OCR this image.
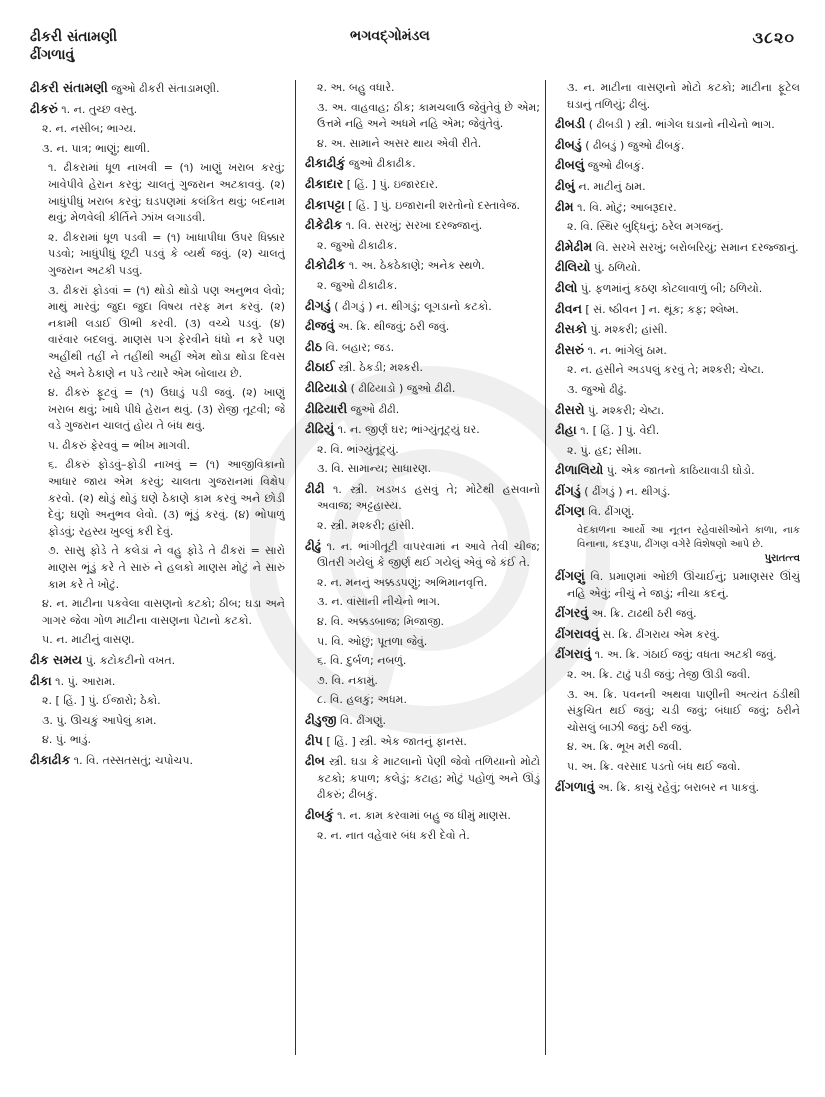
ઢીકરી સંતામણી
ઢીંગળાવું
ભગવદ્ગોમંડલ	૩૮૨૦
ઢીકરી સંતામણી જુઓ ઢીકરી સંતાડામણી.
ઢીકરું ૧. ન. તુચ્છ વસ્તુ.
૨. ન. નસીબ; ભાગ્ય.
૩. ન. પાત્ર; ભાણું; થાળી.
૧. ઢીકરામાં ધૂળ નાખવી = (૧) ખાણું ખરાબ કરવું; ખાવેપીવે હેરાન કરવું; ચાલતું ગુજરાન અટકાવવું. (૨) ખાધુંપીધું ખરાબ કરવું; ઘડપણમાં કલંકિત થવું; બદનામ થવું; મેળવેલી કીર્તિને ઝાંખ લગાડવી.
૨. ઢીકરામાં ધૂળ પડવી = (૧) ખાધાપીધા ઉપર ધિક્કાર પડવો; ખાધુંપીધું છૂટી પડવું કે વ્યર્થ જવું. (૨) ચાલતું ગુજરાન અટકી પડવું.
૩. ઢીકરાં ફોડવાં = (૧) થોડો થોડો પણ અનુભવ લેવો; માથું મારવું; જુદા જુદા વિષય તરફ મન કરવું. (૨) નકામી લડાઈ ઊભી કરવી. (૩) વચ્ચે પડવું. (૪) વારંવાર બદલવું. માણસ પગ ફેરવીને ધંધો ન કરે પણ અહીંથી તહીં ને તહીંથી અહીં એમ થોડા થોડા દિવસ રહે અને ઠેકાણે ન પડે ત્યારે એમ બોલાય છે.
૪. ઢીકરું ફૂટવું = (૧) ઉઘાડું પડી જવું. (૨) ખાણું ખરાબ થવું; ખાધે પીધે હેરાન થવું. (૩) રોજી તૂટવી; જે વડે ગુજરાન ચાલતું હોય તે બંધ થવું.
૫. ઢીકરું ફેરવવું = ભીખ માગવી.
૬. ઢીકરું ફોડવું–ફોડી નાખવું = (૧) આજીવિકાનો આધાર જાય એમ કરવું; ચાલતા ગુજરાનમાં વિક્ષેપ કરવો. (૨) થોડું થોડું ઘણે ઠેકાણે કામ કરવું અને છોડી દેવું; ઘણો અનુભવ લેવો. (૩) ભૂંડું કરવું. (૪) ભોપાળું ફોડવું; રહસ્ય ખુલ્લું કરી દેવું.
૭. સાસુ ફોડે તે કલેડાં ને વહુ ફોડે તે ઢીકરાં = સારો માણસ ભૂંડું કરે તે સારું ને હલકો માણસ મોટું ને સારું કામ કરે તે ખોટું.
૪. ન. માટીના પકવેલા વાસણનો કટકો; ઠીબ; ઘડા અને ગાગર જેવા ગોળ માટીના વાસણના પેટાનો કટકો.
૫. ન. માટીનું વાસણ.
ઢીક સમય પું. કટોકટીનો વખત.
ઢીકા ૧. પું. આરામ.
૨. [ હિં. ] પું. ઈજારો; ઠેકો.
૩. પું. ઊચકું આપેલું કામ.
૪. પું. ભાડું.
ઢીકાઢીક ૧. વિ. તસ્સતસતું; ચપોચપ.
૨. અ. બહુ વધારે.
૩. અ. વાહવાહ; ઠીક; કામચલાઉ જેવુંતેવું છે એમ; ઉત્તમે નહિ અને અધમે નહિ એમ; જેવુંતેવું.
૪. અ. સામાને અસર થાય એવી રીતે.
ઢીકાઢીકું જુઓ ઢીકાઢીક.
ઢીકાદાર [ હિં. ] પું. ઇજારદાર.
ઢીકાપટ્ટા [ હિં. ] પું. ઇજારાની શરતોનો દસ્તાવેજ.
ઢીકેઢીક ૧. વિ. સરખું; સરખા દરજ્જાનું.
૨. જુઓ ઢીકાઢીક.
ઢીકોઢીક ૧. અ. ઠેકઠેકાણે; અનેક સ્થળે.
૨. જુઓ ઢીકાઢીક.
ઢીગડું ( ઢીગડું ) ન. થીગડું; લૂગડાનો કટકો.
ઢીજવું અ. ક્રિ. થીજવું; ઠરી જવું.
ઢીઠ વિ. બહાર; જડ.
ઢીઠાઈ સ્ત્રી. ઠેકડી; મશ્કરી.
ઢીઢિયાડો ( ઢીઢિયાડો ) જુઓ ઢીઢી.
ઢીઢિયારી જુઓ ઢીઢી.
ઢીઢિયું ૧. ન. જીર્ણ ઘર; ભાંગ્યુંતૂટ્યું ઘર.
૨. વિ. ભાંગ્યુંતૂટ્યું.
૩. વિ. સામાન્ય; સાધારણ.
ઢીઢી ૧. સ્ત્રી. ખડખડ હસવું તે; મોટેથી હસવાનો અવાજ; અટ્ટહાસ્ય.
૨. સ્ત્રી. મશ્કરી; હાંસી.
ઢીઢું ૧. ન. ભાંગીતૂટી વાપરવામાં ન આવે તેવી ચીજ; ઊતરી ગયેલું કે જીર્ણ થઈ ગયેલું એવું જે કંઈ તે.
૨. ન. મનનું અક્કડપણું; અભિમાનવૃત્તિ.
૩. ન. વાંસાની નીચેનો ભાગ.
૪. વિ. અક્કડબાજ; મિજાજી.
૫. વિ. ઓછું; પૂતળા જેવું.
૬. વિ. દુર્બળ; નબળું.
૭. વિ. નકામું.
૮. વિ. હલકું; અધમ.
ઢીડુજી વિ. ઢીંગણું.
ઢીપ [ હિં. ] સ્ત્રી. એક જાતનું ફાનસ.
ઢીબ સ્ત્રી. ઘડા કે માટલાનો પેણી જેવો તળિયાનો મોટો કટકો; કપાળ; કલેડું; કટાહ; મોટું પહોળું અને ઊંડું ઢીકરું; ઢીબકું.
ઢીબકું ૧. ન. કામ કરવામાં બહુ જ ધીમું માણસ.
૨. ન. નાત વહેવાર બંધ કરી દેવો તે.
૩. ન. માટીના વાસણનો મોટો કટકો; માટીના ફૂટેલ ઘડાનું તળિયું; ઢીબું.
ઢીબડી ( ઢીબડી ) સ્ત્રી. ભાંગેલ ઘડાનો નીચેનો ભાગ.
ઢીબડું ( ઢીબડું ) જુઓ ઢીબકું.
ઢીબલું જુઓ ઢીબકું.
ઢીબું ન. માટીનું ઠામ.
ઢીમ ૧. વિ. મોટું; આબરૂદાર.
૨. વિ. સ્થિર બુદ્ધિનું; ઠરેલ મગજનું.
ઢીમેઢીમ વિ. સરખે સરખું; બરોબરિયું; સમાન દરજ્જાનું.
ઢીલિયો પું. ઠળિયો.
ઢીલો પું. ફળમાંનું કઠણ કોટલાવાળું બી; ઠળિયો.
ઢીવન [ સં. ષ્ઠીવન ] ન. થૂંક; કફ; શ્લેષ્મ.
ઢીસકો પું. મશ્કરી; હાંસી.
ઢીસરું ૧. ન. ભાંગેલું ઠામ.
૨. ન. હસીને અડપલું કરવું તે; મશ્કરી; ચેષ્ટા.
૩. જુઓ ઢીઢું.
ઢીસરો પું. મશ્કરી; ચેષ્ટા.
ઢીહા ૧. [ હિં. ] પું. વેદી.
૨. પું. હદ; સીમા.
ઢીળાલિયો પું. એક જાતનો કાઠિયાવાડી ઘોડો.
ઢીંગડું ( ઢીંગડું ) ન. થીગડું.
ઢીંગણ વિ. ઢીંગણું.
વેદકાળના આર્યો આ નૂતન રહેવાસીઓને કાળા, નાક વિનાના, કદરૂપા, ઢીંગણ વગેરે વિશેષણો આપે છે.
પુરાતત્ત્વ
ઢીંગણું વિ. પ્રમાણમાં ઓછી ઊંચાઈનું; પ્રમાણસર ઊંચું નહિ એવું; નીચું ને જાડું; નીચા કદનું.
ઢીંગરવું અ. ક્રિ. ટાઢથી ઠરી જવું.
ઢીંગરાવવું સ. ક્રિ. ઢીંગરાય એમ કરવું.
ઢીંગરાવું ૧. અ. ક્રિ. ગંઠાઈ જવું; વધતા અટકી જવું.
૨. અ. ક્રિ. ટાઢું પડી જવું; તેજી ઊડી જવી.
૩. અ. ક્રિ. પવનની અથવા પાણીની અત્યંત ઠંડીથી સંકુચિત થઈ જવું; ચડી જવું; બંધાઈ જવું; ઠરીને ચોસલું બાઝી જવું; ઠરી જવું.
૪. અ. ક્રિ. ભૂખ મરી જવી.
૫. અ. ક્રિ. વરસાદ પડતો બંધ થઈ જવો.
ઢીંગળાવું અ. ક્રિ. કાચું રહેવું; બરાબર ન પાકવું.
